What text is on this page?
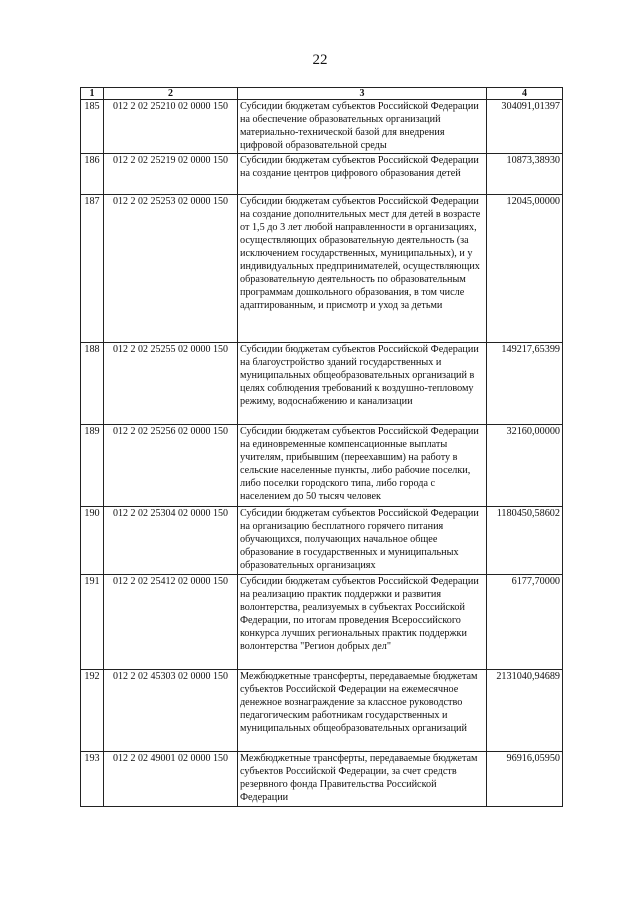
22
1	2	3	4
185	012 2 02 25210 02 0000 150	Субсидии бюджетам субъектов Российской Федерации на обеспечение образовательных организаций материально-технической базой для внедрения цифровой образовательной среды	304091,01397
186	012 2 02 25219 02 0000 150	Субсидии бюджетам субъектов Российской Федерации на создание центров цифрового образования детей	10873,38930
187	012 2 02 25253 02 0000 150	Субсидии бюджетам субъектов Российской Федерации на создание дополнительных мест для детей в возрасте от 1,5 до 3 лет любой направленности в организациях, осуществляющих образовательную деятельность (за исключением государственных, муниципальных), и у индивидуальных предпринимателей, осуществляющих образовательную деятельность по образовательным программам дошкольного образования, в том числе адаптированным, и присмотр и уход за детьми	12045,00000
188	012 2 02 25255 02 0000 150	Субсидии бюджетам субъектов Российской Федерации на благоустройство зданий государственных и муниципальных общеобразовательных организаций в целях соблюдения требований к воздушно-тепловому режиму, водоснабжению и канализации	149217,65399
189	012 2 02 25256 02 0000 150	Субсидии бюджетам субъектов Российской Федерации на единовременные компенсационные выплаты учителям, прибывшим (переехавшим) на работу в сельские населенные пункты, либо рабочие поселки, либо поселки городского типа, либо города с населением до 50 тысяч человек	32160,00000
190	012 2 02 25304 02 0000 150	Субсидии бюджетам субъектов Российской Федерации на организацию бесплатного горячего питания обучающихся, получающих начальное общее образование в государственных и муниципальных образовательных организациях	1180450,58602
191	012 2 02 25412 02 0000 150	Субсидии бюджетам субъектов Российской Федерации на реализацию практик поддержки и развития волонтерства, реализуемых в субъектах Российской Федерации, по итогам проведения Всероссийского конкурса лучших региональных практик поддержки волонтерства "Регион добрых дел"	6177,70000
192	012 2 02 45303 02 0000 150	Межбюджетные трансферты, передаваемые бюджетам субъектов Российской Федерации на ежемесячное денежное вознаграждение за классное руководство педагогическим работникам государственных и муниципальных общеобразовательных организаций	2131040,94689
193	012 2 02 49001 02 0000 150	Межбюджетные трансферты, передаваемые бюджетам субъектов Российской Федерации, за счет средств резервного фонда Правительства Российской Федерации	96916,05950
